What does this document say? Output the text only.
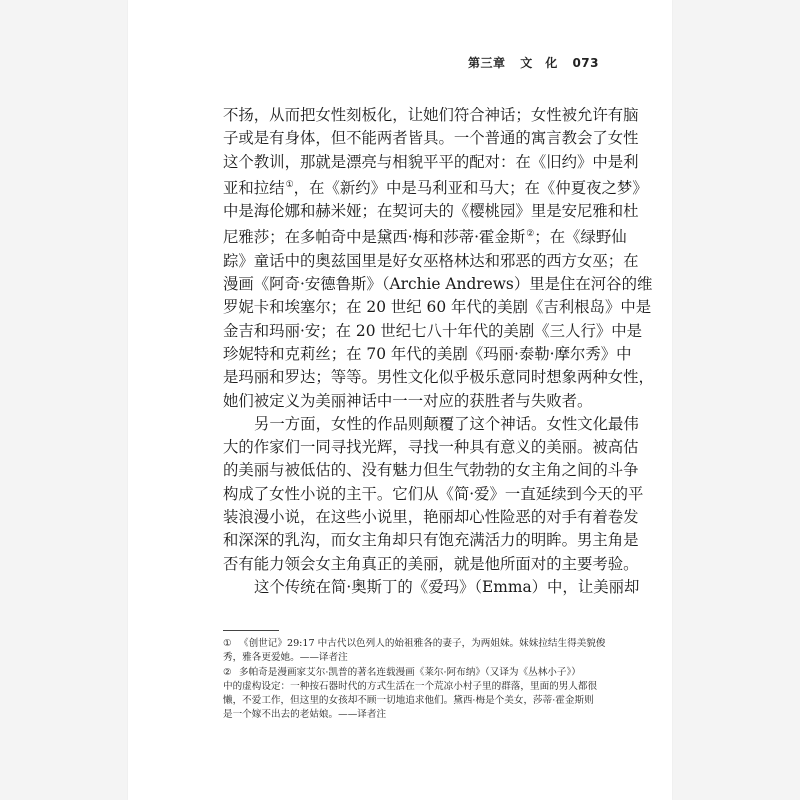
第三章 文　化 073
不扬，从而把女性刻板化，让她们符合神话；女性被允许有脑
子或是有身体，但不能两者皆具。一个普通的寓言教会了女性
这个教训，那就是漂亮与相貌平平的配对：在《旧约》中是利
亚和拉结①，在《新约》中是马利亚和马大；在《仲夏夜之梦》
中是海伦娜和赫米娅；在契诃夫的《樱桃园》里是安尼雅和杜
尼雅莎；在多帕奇中是黛西·梅和莎蒂·霍金斯②；在《绿野仙
踪》童话中的奥兹国里是好女巫格林达和邪恶的西方女巫；在
漫画《阿奇·安德鲁斯》（Archie Andrews）里是住在河谷的维
罗妮卡和埃塞尔；在 20 世纪 60 年代的美剧《吉利根岛》中是
金吉和玛丽·安；在 20 世纪七八十年代的美剧《三人行》中是
珍妮特和克莉丝；在 70 年代的美剧《玛丽·泰勒·摩尔秀》中
是玛丽和罗达；等等。男性文化似乎极乐意同时想象两种女性，
她们被定义为美丽神话中一一对应的获胜者与失败者。
另一方面，女性的作品则颠覆了这个神话。女性文化最伟
大的作家们一同寻找光辉，寻找一种具有意义的美丽。被高估
的美丽与被低估的、没有魅力但生气勃勃的女主角之间的斗争
构成了女性小说的主干。它们从《简·爱》一直延续到今天的平
装浪漫小说，在这些小说里，艳丽却心性险恶的对手有着卷发
和深深的乳沟，而女主角却只有饱充满活力的明眸。男主角是
否有能力领会女主角真正的美丽，就是他所面对的主要考验。
这个传统在简·奥斯丁的《爱玛》（Emma）中，让美丽却
① 《创世记》29:17 中古代以色列人的始祖雅各的妻子，为两姐妹。妹妹拉结生得美貌俊
秀，雅各更爱她。——译者注
② 多帕奇是漫画家艾尔·凯普的著名连载漫画《莱尔·阿布纳》（又译为《丛林小子》）
中的虚构设定：一种按石器时代的方式生活在一个荒凉小村子里的群落，里面的男人都很
懒，不爱工作，但这里的女孩却不顾一切地追求他们。黛西·梅是个美女，莎蒂·霍金斯则
是一个嫁不出去的老姑娘。——译者注
